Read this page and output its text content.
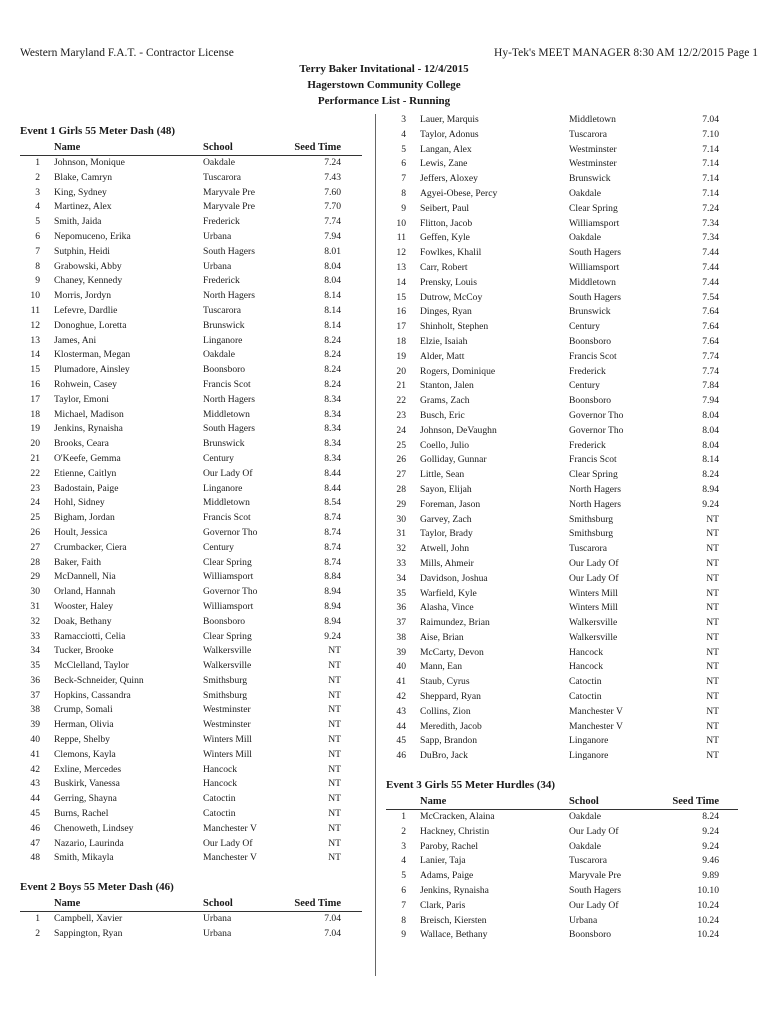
Western Maryland F.A.T. - Contractor License	Hy-Tek's MEET MANAGER 8:30 AM 12/2/2015 Page 1
Terry Baker Invitational - 12/4/2015
Hagerstown Community College
Performance List - Running
Event 1 Girls 55 Meter Dash (48)
Name	School	Seed Time
1 Johnson, Monique	Oakdale	7.24
2 Blake, Camryn	Tuscarora	7.43
3 King, Sydney	Maryvale Pre	7.60
4 Martinez, Alex	Maryvale Pre	7.70
5 Smith, Jaida	Frederick	7.74
6 Nepomuceno, Erika	Urbana	7.94
7 Sutphin, Heidi	South Hagers	8.01
8 Grabowski, Abby	Urbana	8.04
9 Chaney, Kennedy	Frederick	8.04
10 Morris, Jordyn	North Hagers	8.14
11 Lefevre, Dardlie	Tuscarora	8.14
12 Donoghue, Loretta	Brunswick	8.14
13 James, Ani	Linganore	8.24
14 Klosterman, Megan	Oakdale	8.24
15 Plumadore, Ainsley	Boonsboro	8.24
16 Rohwein, Casey	Francis Scot	8.24
17 Taylor, Emoni	North Hagers	8.34
18 Michael, Madison	Middletown	8.34
19 Jenkins, Rynaisha	South Hagers	8.34
20 Brooks, Ceara	Brunswick	8.34
21 O'Keefe, Gemma	Century	8.34
22 Etienne, Caitlyn	Our Lady Of	8.44
23 Badostain, Paige	Linganore	8.44
24 Hohl, Sidney	Middletown	8.54
25 Bigham, Jordan	Francis Scot	8.74
26 Hoult, Jessica	Governor Tho	8.74
27 Crumbacker, Ciera	Century	8.74
28 Baker, Faith	Clear Spring	8.74
29 McDannell, Nia	Williamsport	8.84
30 Orland, Hannah	Governor Tho	8.94
31 Wooster, Haley	Williamsport	8.94
32 Doak, Bethany	Boonsboro	8.94
33 Ramacciotti, Celia	Clear Spring	9.24
34 Tucker, Brooke	Walkersville	NT
35 McClelland, Taylor	Walkersville	NT
36 Beck-Schneider, Quinn	Smithsburg	NT
37 Hopkins, Cassandra	Smithsburg	NT
38 Crump, Somali	Westminster	NT
39 Herman, Olivia	Westminster	NT
40 Reppe, Shelby	Winters Mill	NT
41 Clemons, Kayla	Winters Mill	NT
42 Exline, Mercedes	Hancock	NT
43 Buskirk, Vanessa	Hancock	NT
44 Gerring, Shayna	Catoctin	NT
45 Burns, Rachel	Catoctin	NT
46 Chenoweth, Lindsey	Manchester V	NT
47 Nazario, Laurinda	Our Lady Of	NT
48 Smith, Mikayla	Manchester V	NT
Event 2 Boys 55 Meter Dash (46)
Name	School	Seed Time
1 Campbell, Xavier	Urbana	7.04
2 Sappington, Ryan	Urbana	7.04
3 Lauer, Marquis	Middletown	7.04
4 Taylor, Adonus	Tuscarora	7.10
5 Langan, Alex	Westminster	7.14
6 Lewis, Zane	Westminster	7.14
7 Jeffers, Aloxey	Brunswick	7.14
8 Agyei-Obese, Percy	Oakdale	7.14
9 Seibert, Paul	Clear Spring	7.24
10 Flitton, Jacob	Williamsport	7.34
11 Geffen, Kyle	Oakdale	7.34
12 Fowlkes, Khalil	South Hagers	7.44
13 Carr, Robert	Williamsport	7.44
14 Prensky, Louis	Middletown	7.44
15 Dutrow, McCoy	South Hagers	7.54
16 Dinges, Ryan	Brunswick	7.64
17 Shinholt, Stephen	Century	7.64
18 Elzie, Isaiah	Boonsboro	7.64
19 Alder, Matt	Francis Scot	7.74
20 Rogers, Dominique	Frederick	7.74
21 Stanton, Jalen	Century	7.84
22 Grams, Zach	Boonsboro	7.94
23 Busch, Eric	Governor Tho	8.04
24 Johnson, DeVaughn	Governor Tho	8.04
25 Coello, Julio	Frederick	8.04
26 Golliday, Gunnar	Francis Scot	8.14
27 Little, Sean	Clear Spring	8.24
28 Sayon, Elijah	North Hagers	8.94
29 Foreman, Jason	North Hagers	9.24
30 Garvey, Zach	Smithsburg	NT
31 Taylor, Brady	Smithsburg	NT
32 Atwell, John	Tuscarora	NT
33 Mills, Ahmeir	Our Lady Of	NT
34 Davidson, Joshua	Our Lady Of	NT
35 Warfield, Kyle	Winters Mill	NT
36 Alasha, Vince	Winters Mill	NT
37 Raimundez, Brian	Walkersville	NT
38 Aise, Brian	Walkersville	NT
39 McCarty, Devon	Hancock	NT
40 Mann, Ean	Hancock	NT
41 Staub, Cyrus	Catoctin	NT
42 Sheppard, Ryan	Catoctin	NT
43 Collins, Zion	Manchester V	NT
44 Meredith, Jacob	Manchester V	NT
45 Sapp, Brandon	Linganore	NT
46 DuBro, Jack	Linganore	NT
Event 3 Girls 55 Meter Hurdles (34)
Name	School	Seed Time
1 McCracken, Alaina	Oakdale	8.24
2 Hackney, Christin	Our Lady Of	9.24
3 Paroby, Rachel	Oakdale	9.24
4 Lanier, Taja	Tuscarora	9.46
5 Adams, Paige	Maryvale Pre	9.89
6 Jenkins, Rynaisha	South Hagers	10.10
7 Clark, Paris	Our Lady Of	10.24
8 Breisch, Kiersten	Urbana	10.24
9 Wallace, Bethany	Boonsboro	10.24
